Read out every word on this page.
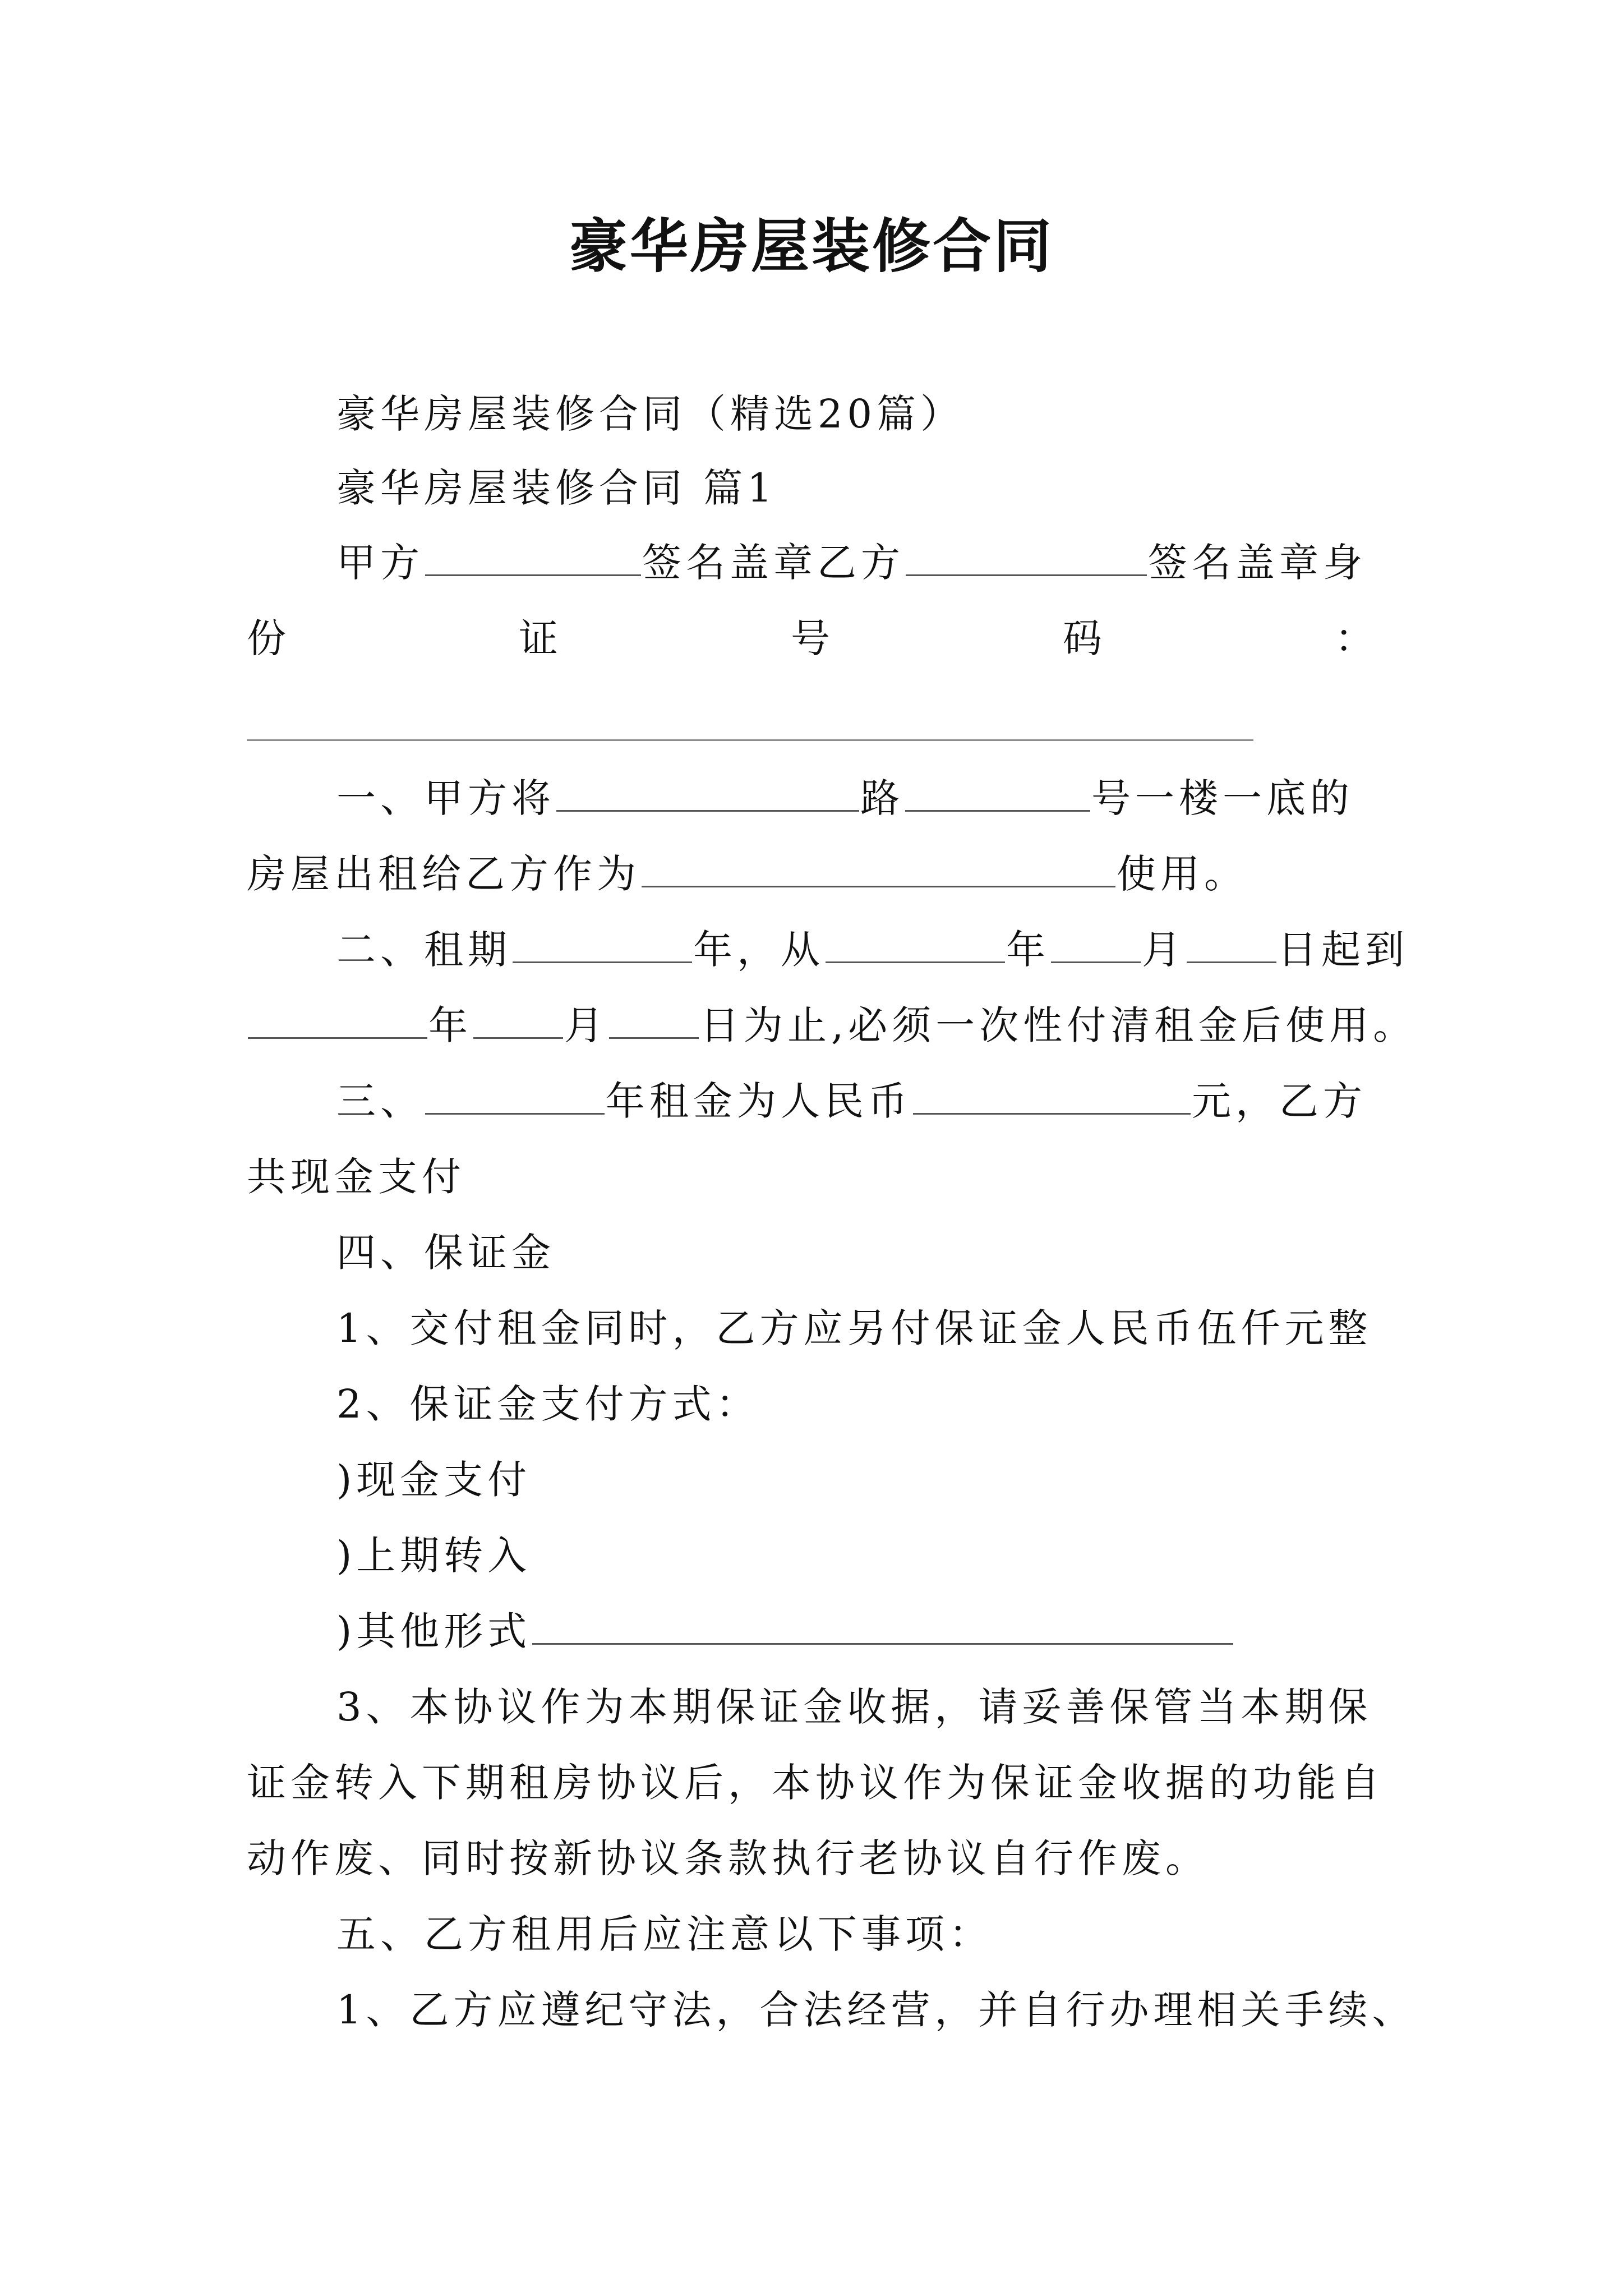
豪华房屋装修合同
豪华房屋装修合同（精选20篇）
豪华房屋装修合同 篇1
甲方	签名盖章乙方	签名盖章身
份	证	号	码	：
一、甲方将	路	号一楼一底的
房屋出租给乙方作为	使用。
二、租期	年，从	年 月 日起到
年 月 日为止,必须一次性付清租金后使用。
三、	年租金为人民币	元，乙方
共现金支付
四、保证金
1、交付租金同时，乙方应另付保证金人民币伍仟元整
2、保证金支付方式：
)现金支付
)上期转入
)其他形式
3、本协议作为本期保证金收据，请妥善保管当本期保
证金转入下期租房协议后，本协议作为保证金收据的功能自
动作废、同时按新协议条款执行老协议自行作废。
五、乙方租用后应注意以下事项：
1、乙方应遵纪守法，合法经营，并自行办理相关手续、
